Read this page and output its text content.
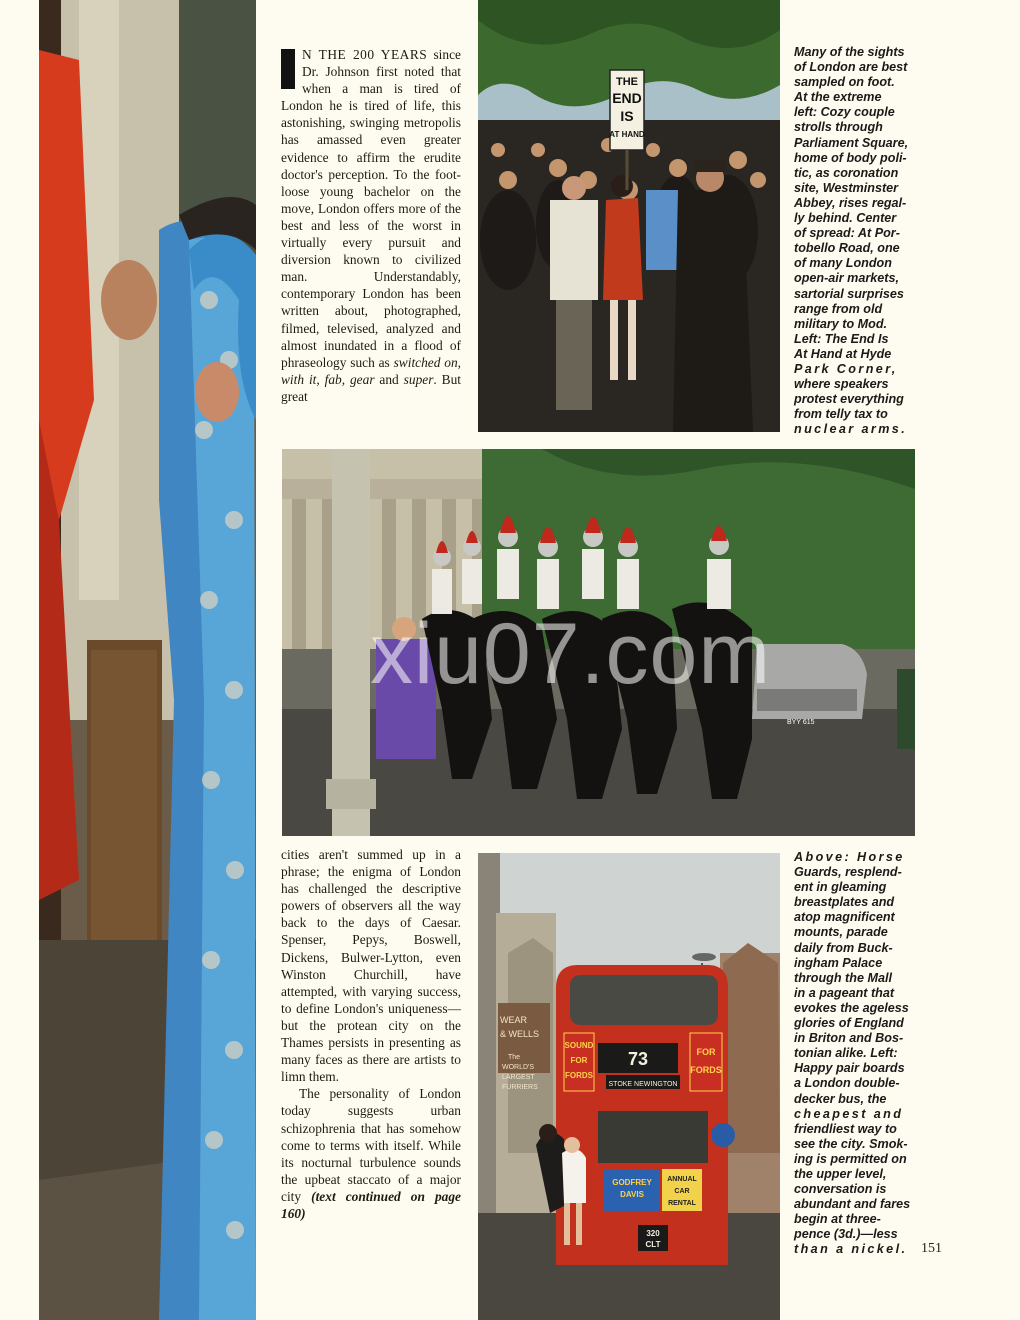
N THE 200 YEARS since Dr. Johnson first noted that when a man is tired of London he is tired of life, this astonishing, swinging metropolis has amassed even greater evidence to affirm the erudite doctor's perception. To the foot-loose young bachelor on the move, London offers more of the best and less of the worst in virtually every pursuit and diversion known to civilized man. Understandably, contemporary London has been written about, photographed, filmed, televised, analyzed and almost inundated in a flood of phraseology such as switched on, with it, fab, gear and super. But great

THE
END
IS
AT HAND
Many of the sights
of London are best
sampled on foot.
At the extreme
left: Cozy couple
strolls through
Parliament Square,
home of body poli-
tic, as coronation
site, Westminster
Abbey, rises regal-
ly behind. Center
of spread: At Por-
tobello Road, one
of many London
open-air markets,
sartorial surprises
range from old
military to Mod.
Left: The End Is
At Hand at Hyde
Park Corner,
where speakers
protest everything
from telly tax to
nuclear arms.
BYY 615

cities aren't summed up in a phrase; the enigma of London has challenged the descriptive powers of observers all the way back to the days of Caesar. Spenser, Pepys, Boswell, Dickens, Bulwer-Lytton, even Winston Churchill, have attempted, with varying success, to define London's uniqueness—but the protean city on the Thames persists in presenting as many faces as there are artists to limn them.

The personality of London today suggests urban schizophrenia that has somehow come to terms with itself. While its nocturnal turbulence sounds the upbeat staccato of a major city (text continued on page 160)

WEAR
& WELLS
The
WORLD'S
LARGEST
FURRIERS
73
STOKE NEWINGTON
SOUND
FOR
FORDS
FOR
FORDS
GODFREY
DAVIS
ANNUAL
CAR
RENTAL
320
CLT
Above: Horse
Guards, resplend-
ent in gleaming
breastplates and
atop magnificent
mounts, parade
daily from Buck-
ingham Palace
through the Mall
in a pageant that
evokes the ageless
glories of England
in Briton and Bos-
tonian alike. Left:
Happy pair boards
a London double-
decker bus, the
cheapest and
friendliest way to
see the city. Smok-
ing is permitted on
the upper level,
conversation is
abundant and fares
begin at three-
pence (3d.)—less
than a nickel. 151
xiu07.com
